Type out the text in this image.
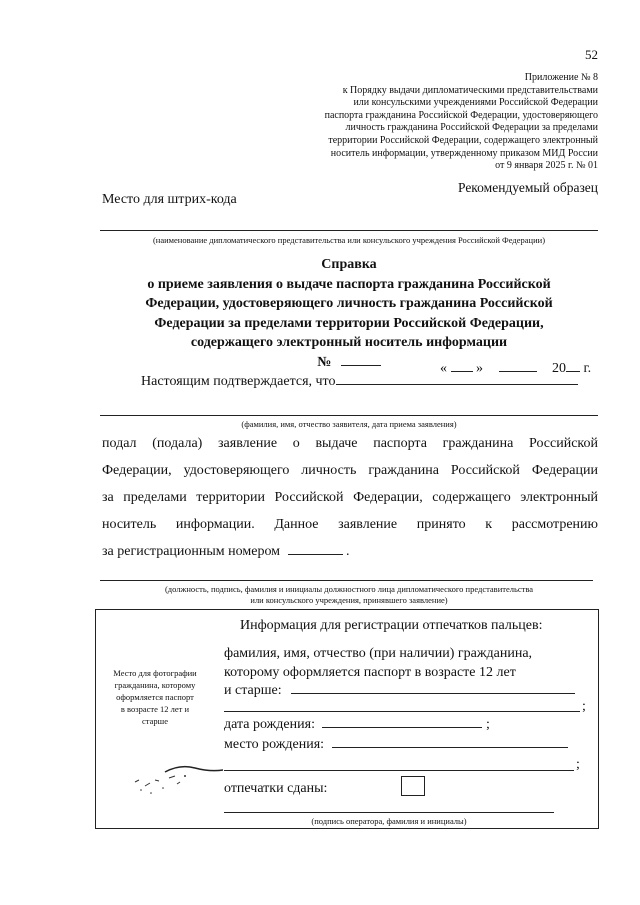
52
Приложение № 8
к Порядку выдачи дипломатическими представительствами
или консульскими учреждениями Российской Федерации
паспорта гражданина Российской Федерации, удостоверяющего
личность гражданина Российской Федерации за пределами
территории Российской Федерации, содержащего электронный
носитель информации, утвержденному приказом МИД России
от 9 января 2025 г. № 01
Рекомендуемый образец
Место для штрих-кода
(наименование дипломатического представительства или консульского учреждения Российской Федерации)
Справка
о приеме заявления о выдаче паспорта гражданина Российской
Федерации, удостоверяющего личность гражданина Российской
Федерации за пределами территории Российской Федерации,
содержащего электронный носитель информации
№	« »	20 г.
Настоящим подтверждается, что
(фамилия, имя, отчество заявителя, дата приема заявления)
подал (подала) заявление о выдаче паспорта гражданина Российской
Федерации, удостоверяющего личность гражданина Российской Федерации
за пределами территории Российской Федерации, содержащего электронный
носитель информации. Данное заявление принято к рассмотрению
за регистрационным номером	.
(должность, подпись, фамилия и инициалы должностного лица дипломатического представительства
или консульского учреждения, принявшего заявление)
Информация для регистрации отпечатков пальцев:
Место для фотографии
гражданина, которому
оформляется паспорт
в возрасте 12 лет и
старше
фамилия, имя, отчество (при наличии) гражданина,
которому оформляется паспорт в возрасте 12 лет
и старше:
;
дата рождения:	;
место рождения:
;
отпечатки сданы:
(подпись оператора, фамилия и инициалы)
